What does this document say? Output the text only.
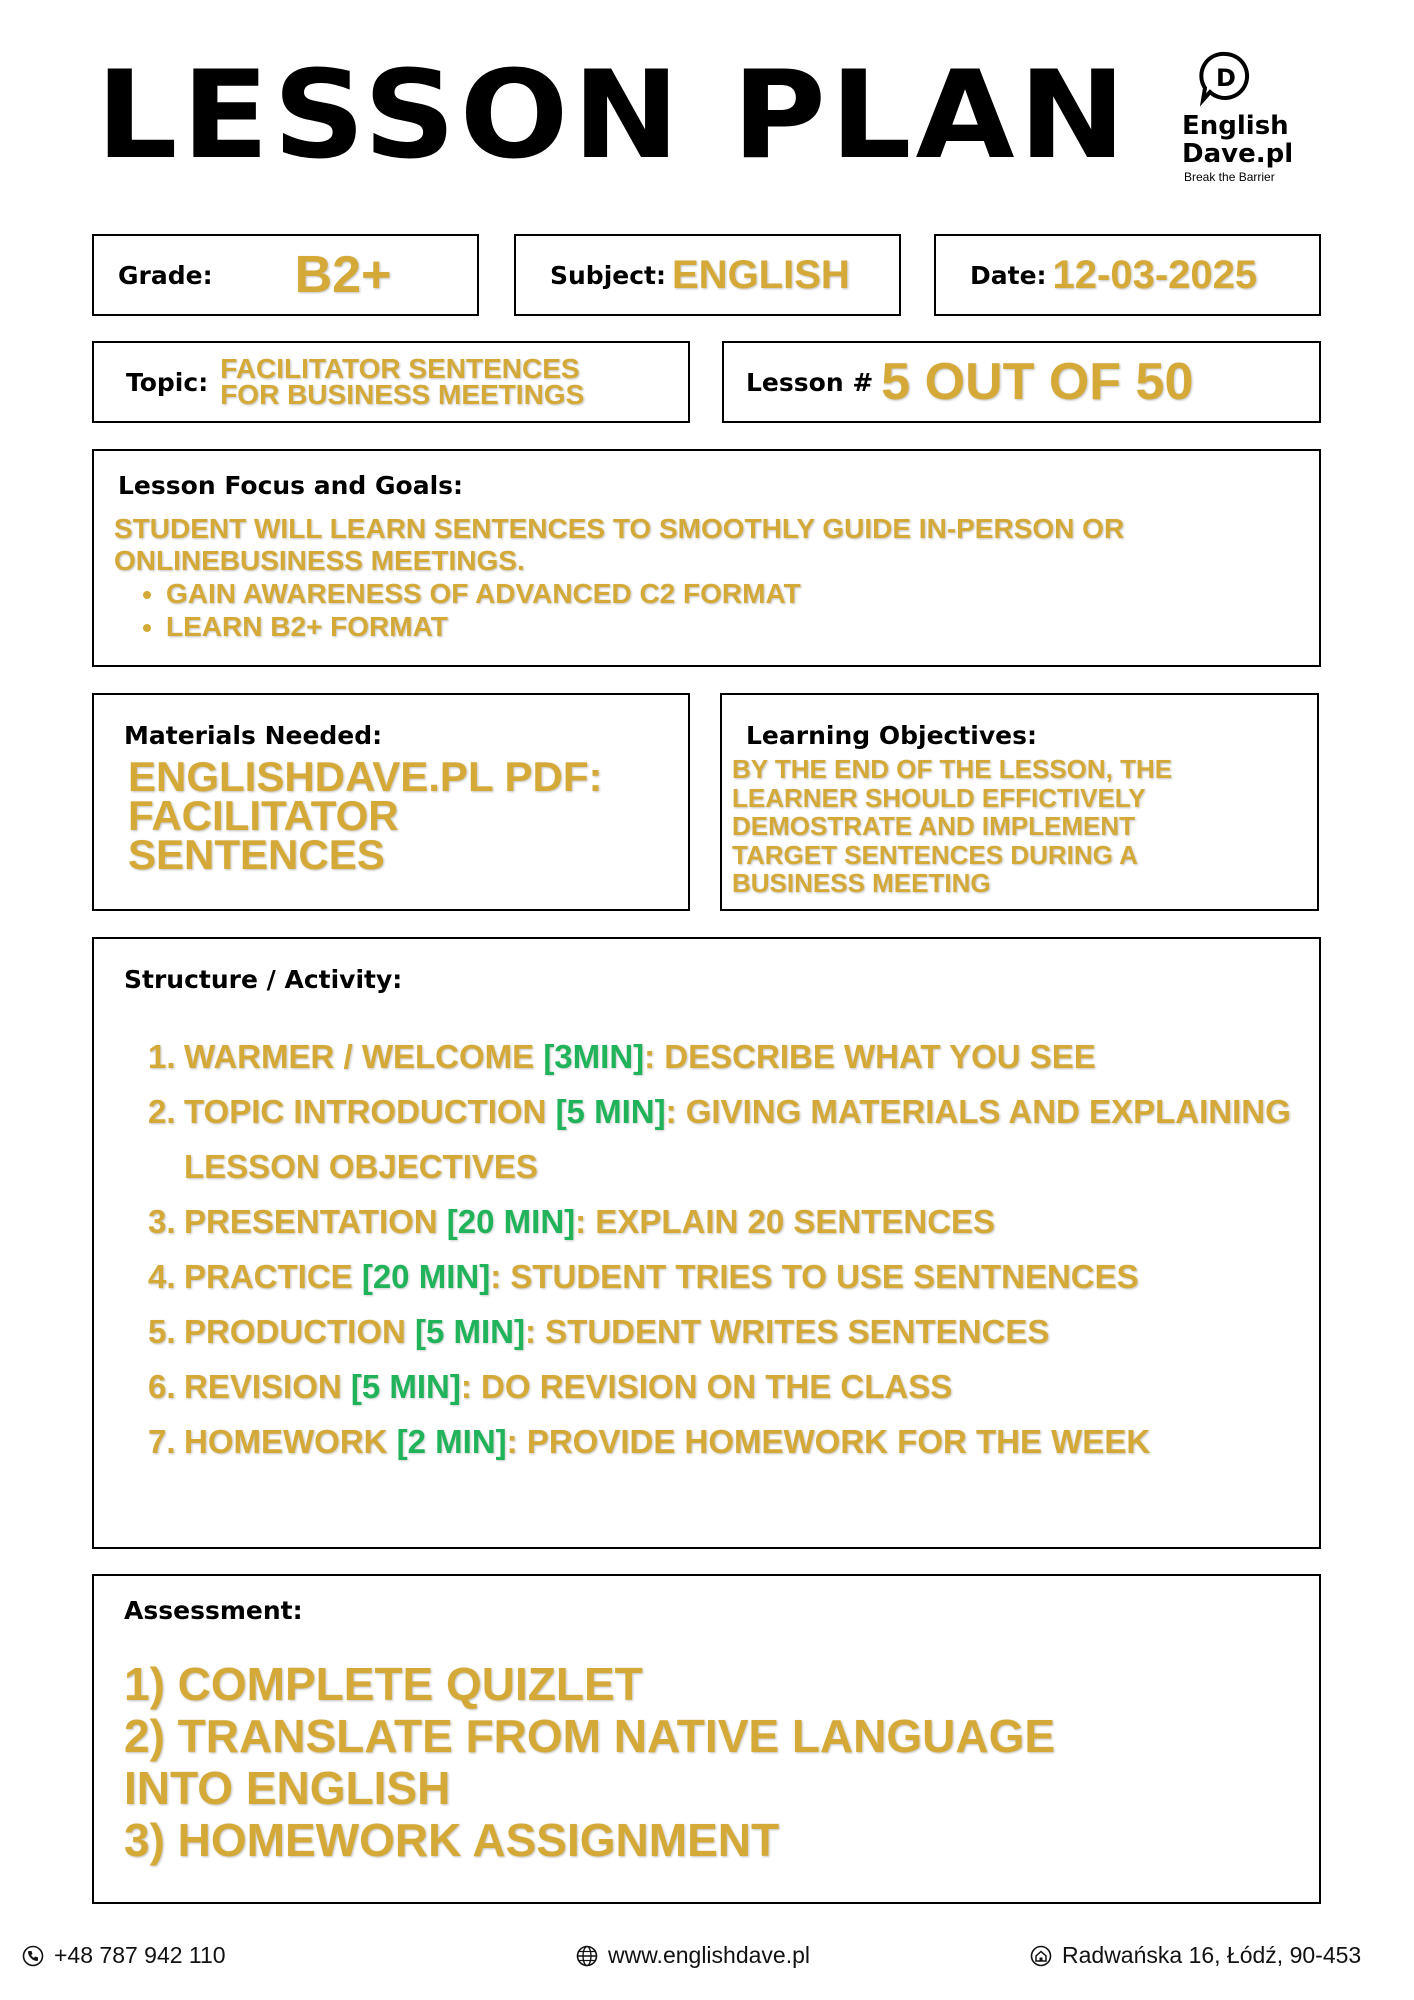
LESSON PLAN	D
English
Dave.pl
Break the Barrier
Grade: B2+	Subject: ENGLISH	Date: 12-03-2025
Topic: FACILITATOR SENTENCES
FOR BUSINESS MEETINGS	Lesson # 5 OUT OF 50
Lesson Focus and Goals:
STUDENT WILL LEARN SENTENCES TO SMOOTHLY GUIDE IN-PERSON OR ONLINEBUSINESS MEETINGS.
• GAIN AWARENESS OF ADVANCED C2 FORMAT
• LEARN B2+ FORMAT
Materials Needed:
ENGLISHDAVE.PL PDF:
FACILITATOR
SENTENCES
Learning Objectives:
BY THE END OF THE LESSON, THE
LEARNER SHOULD EFFICTIVELY
DEMOSTRATE AND IMPLEMENT
TARGET SENTENCES DURING A
BUSINESS MEETING
Structure / Activity:
1. WARMER / WELCOME [3MIN]: DESCRIBE WHAT YOU SEE
2. TOPIC INTRODUCTION [5 MIN]: GIVING MATERIALS AND EXPLAINING LESSON OBJECTIVES
3. PRESENTATION [20 MIN]: EXPLAIN 20 SENTENCES
4. PRACTICE [20 MIN]: STUDENT TRIES TO USE SENTNENCES
5. PRODUCTION [5 MIN]: STUDENT WRITES SENTENCES
6. REVISION [5 MIN]: DO REVISION ON THE CLASS
7. HOMEWORK [2 MIN]: PROVIDE HOMEWORK FOR THE WEEK
Assessment:
1) COMPLETE QUIZLET
2) TRANSLATE FROM NATIVE LANGUAGE
INTO ENGLISH
3) HOMEWORK ASSIGNMENT
+48 787 942 110	www.englishdave.pl	Radwańska 16, Łódź, 90-453
